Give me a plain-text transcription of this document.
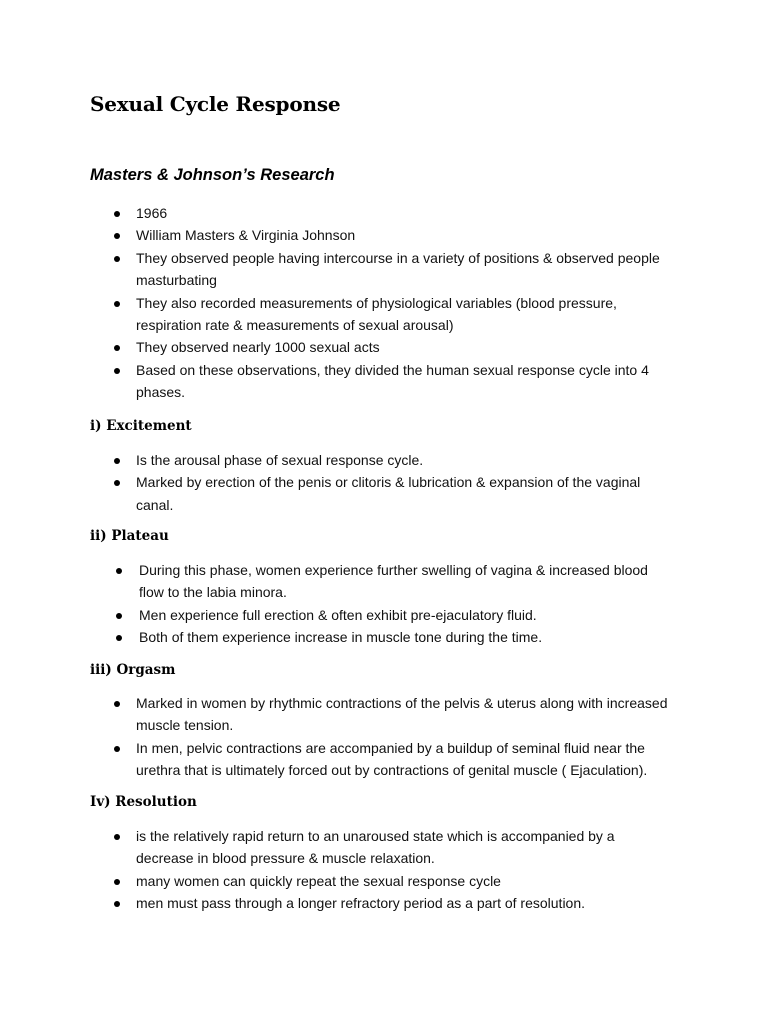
Sexual Cycle Response
Masters & Johnson’s Research
1966
William Masters & Virginia Johnson
They observed people having intercourse in a variety of positions & observed people masturbating
They also recorded measurements of physiological variables (blood pressure, respiration rate & measurements of sexual arousal)
They observed nearly 1000 sexual acts
Based on these observations, they divided the human sexual response cycle into 4 phases.
i) Excitement
Is the arousal phase of sexual response cycle.
Marked by erection of the penis or clitoris & lubrication & expansion of the vaginal canal.
ii) Plateau
During this phase, women experience further swelling of vagina & increased blood flow to the labia minora.
Men experience full erection & often exhibit pre-ejaculatory fluid.
Both of them experience increase in muscle tone during the time.
iii) Orgasm
Marked in women by rhythmic contractions of the pelvis & uterus along with increased muscle tension.
In men, pelvic contractions are accompanied by a buildup of seminal fluid near the urethra that is ultimately forced out by contractions of genital muscle ( Ejaculation).
Iv) Resolution
is the relatively rapid return to an unaroused state which is accompanied by a decrease in blood pressure & muscle relaxation.
many women can quickly repeat the sexual response cycle
men must pass through a longer refractory period as a part of resolution.
